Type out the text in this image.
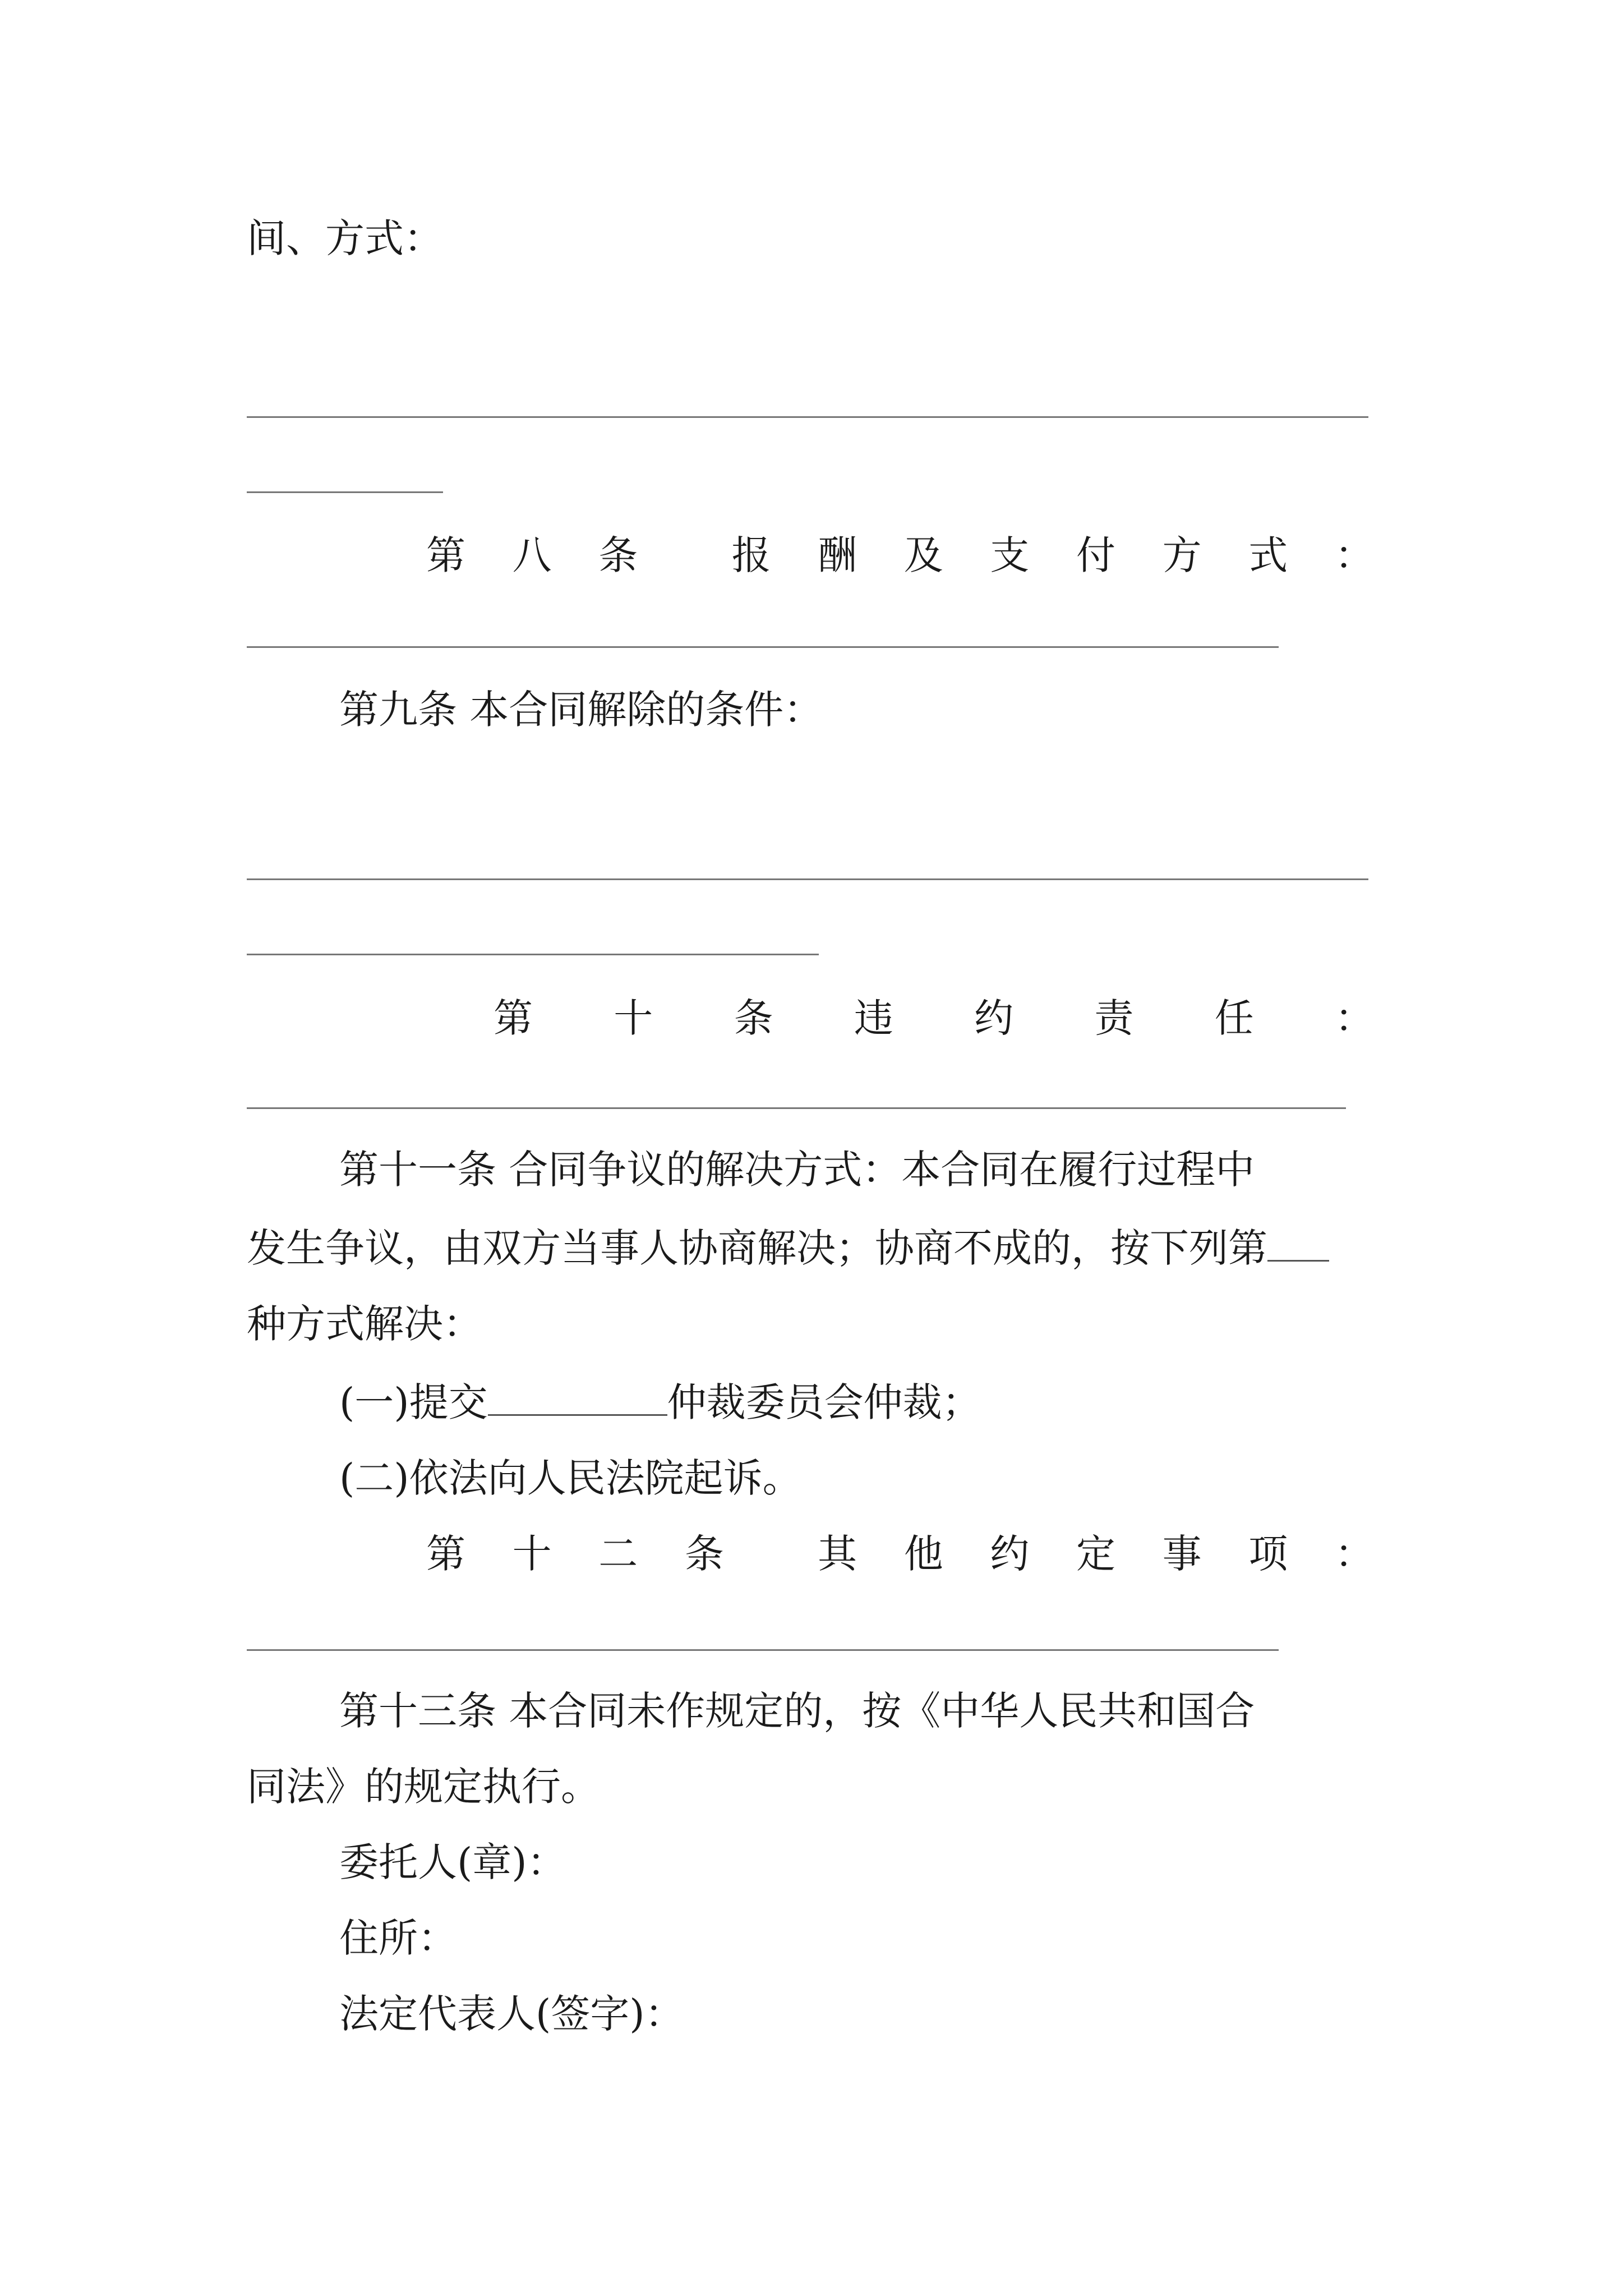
间、方式：
第 八 条 报 酬 及 支 付 方 式 ：
第九条 本合同解除的条件：
第 十 条 违 约 责 任 ：
第十一条 合同争议的解决方式：本合同在履行过程中
发生争议，由双方当事人协商解决；协商不成的，按下列第
种方式解决：
(一)提交	仲裁委员会仲裁；
(二)依法向人民法院起诉。
第 十 二 条 其 他 约 定 事 项 ：
第十三条 本合同未作规定的，按《中华人民共和国合
同法》的规定执行。
委托人(章)：
住所：
法定代表人(签字)：
